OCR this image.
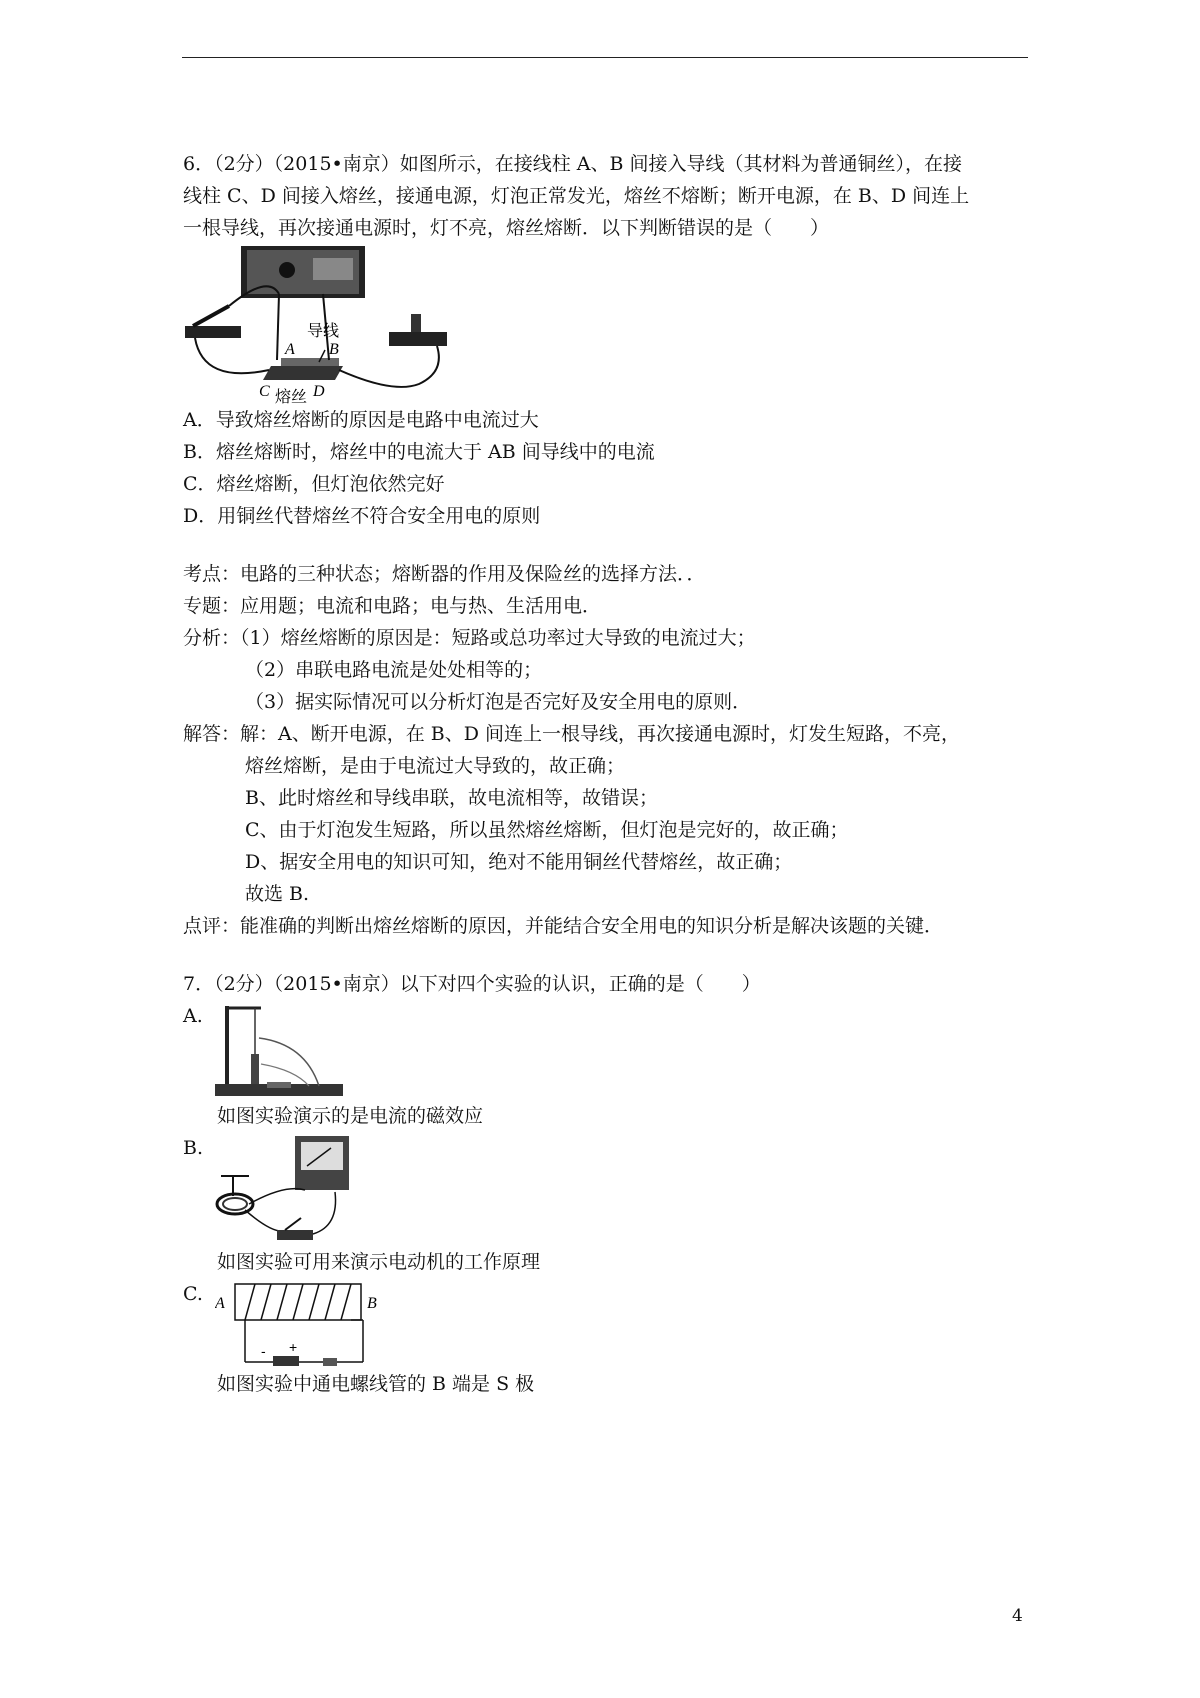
6．（2分）（2015•南京）如图所示，在接线柱 A、B 间接入导线（其材料为普通铜丝），在接
线柱 C、D 间接入熔丝，接通电源，灯泡正常发光，熔丝不熔断；断开电源，在 B、D 间连上
一根导线，再次接通电源时，灯不亮，熔丝熔断．以下判断错误的是（　　）
导线
A B
C	D
熔丝
A．导致熔丝熔断的原因是电路中电流过大
B．熔丝熔断时，熔丝中的电流大于 AB 间导线中的电流
C．熔丝熔断，但灯泡依然完好
D．用铜丝代替熔丝不符合安全用电的原则
考点：电路的三种状态；熔断器的作用及保险丝的选择方法．．
专题：应用题；电流和电路；电与热、生活用电．
分析：（1）熔丝熔断的原因是：短路或总功率过大导致的电流过大；
（2）串联电路电流是处处相等的；
（3）据实际情况可以分析灯泡是否完好及安全用电的原则．
解答：解：A、断开电源，在 B、D 间连上一根导线，再次接通电源时，灯发生短路，不亮，
熔丝熔断，是由于电流过大导致的，故正确；
B、此时熔丝和导线串联，故电流相等，故错误；
C、由于灯泡发生短路，所以虽然熔丝熔断，但灯泡是完好的，故正确；
D、据安全用电的知识可知，绝对不能用铜丝代替熔丝，故正确；
故选 B.
点评：能准确的判断出熔丝熔断的原因，并能结合安全用电的知识分析是解决该题的关键．
7．（2分）（2015•南京）以下对四个实验的认识，正确的是（　　）
A.
如图实验演示的是电流的磁效应
B.
如图实验可用来演示电动机的工作原理
C. A	B
- +
如图实验中通电螺线管的 B 端是 S 极
4
